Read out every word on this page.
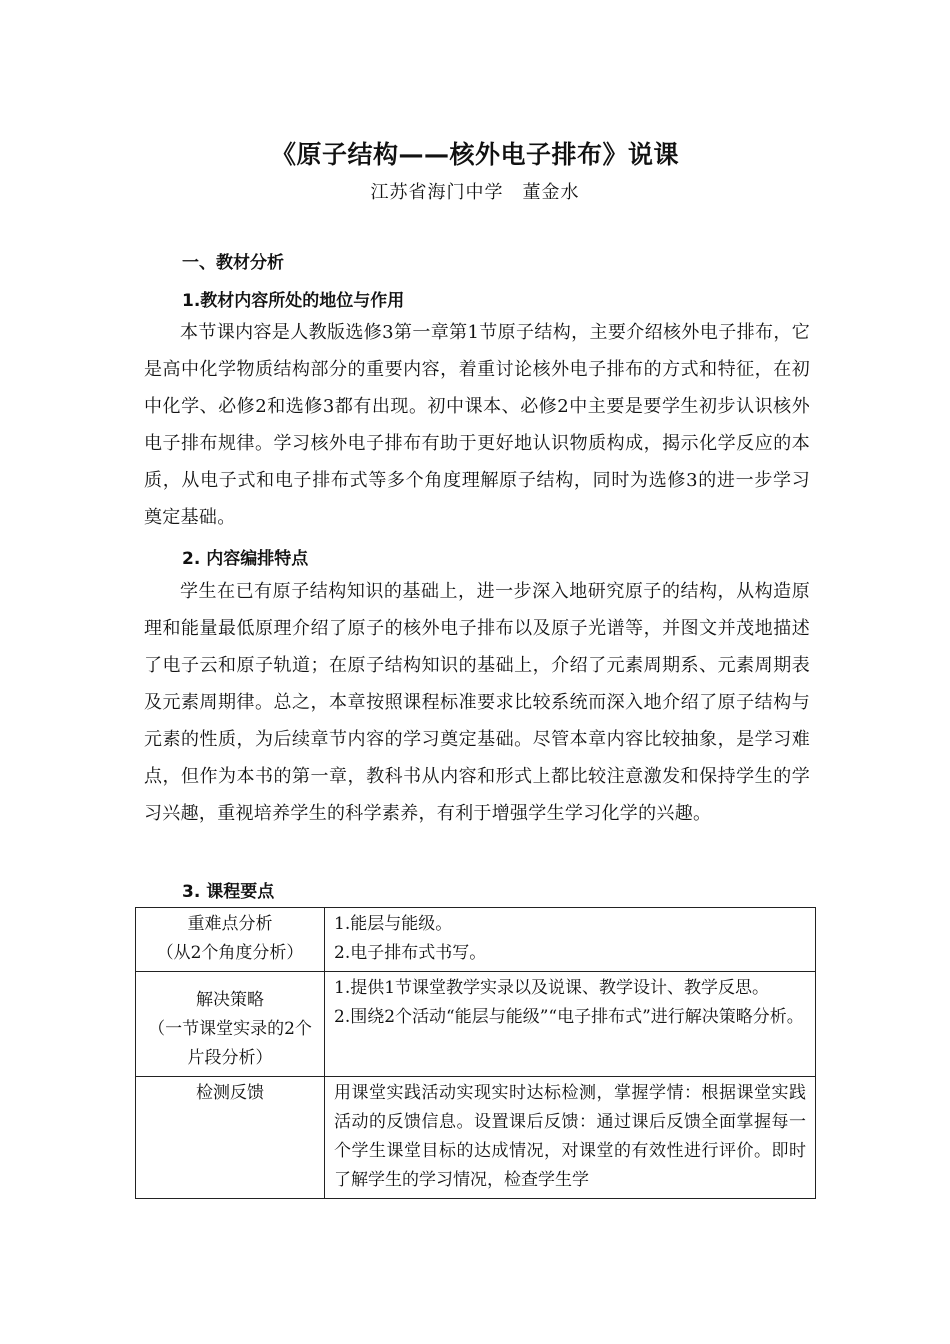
《原子结构——核外电子排布》说课
江苏省海门中学　董金水
一、教材分析
1.教材内容所处的地位与作用
本节课内容是人教版选修3第一章第1节原子结构，主要介绍核外电子排布，它是高中化学物质结构部分的重要内容，着重讨论核外电子排布的方式和特征，在初中化学、必修2和选修3都有出现。初中课本、必修2中主要是要学生初步认识核外电子排布规律。学习核外电子排布有助于更好地认识物质构成，揭示化学反应的本质，从电子式和电子排布式等多个角度理解原子结构，同时为选修3的进一步学习奠定基础。
2. 内容编排特点
学生在已有原子结构知识的基础上，进一步深入地研究原子的结构，从构造原理和能量最低原理介绍了原子的核外电子排布以及原子光谱等，并图文并茂地描述了电子云和原子轨道；在原子结构知识的基础上，介绍了元素周期系、元素周期表及元素周期律。总之，本章按照课程标准要求比较系统而深入地介绍了原子结构与元素的性质，为后续章节内容的学习奠定基础。尽管本章内容比较抽象，是学习难点，但作为本书的第一章，教科书从内容和形式上都比较注意激发和保持学生的学习兴趣，重视培养学生的科学素养，有利于增强学生学习化学的兴趣。
3. 课程要点
重难点分析
（从2个角度分析）	1.能层与能级。
2.电子排布式书写。

解决策略
（一节课堂实录的2个片段分析）	1.提供1节课堂教学实录以及说课、教学设计、教学反思。
2.围绕2个活动“能层与能级”“电子排布式”进行解决策略分析。

检测反馈	用课堂实践活动实现实时达标检测，掌握学情：根据课堂实践活动的反馈信息。设置课后反馈：通过课后反馈全面掌握每一个学生课堂目标的达成情况，对课堂的有效性进行评价。即时了解学生的学习情况，检查学生学
